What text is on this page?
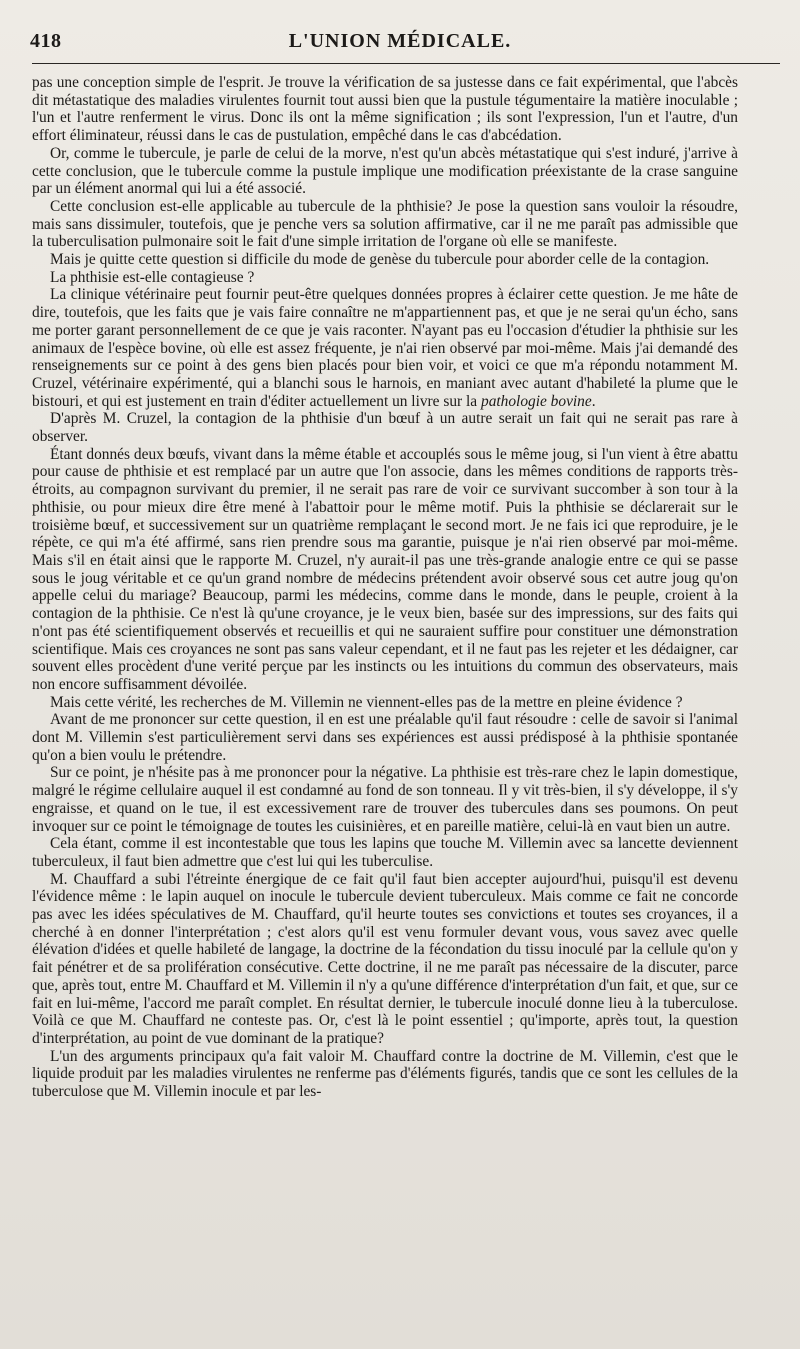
418	L'UNION MÉDICALE.

pas une conception simple de l'esprit. Je trouve la vérification de sa justesse dans ce fait expérimental, que l'abcès dit métastatique des maladies virulentes fournit tout aussi bien que la pustule tégumentaire la matière inoculable ; l'un et l'autre renferment le virus. Donc ils ont la même signification ; ils sont l'expression, l'un et l'autre, d'un effort éliminateur, réussi dans le cas de pustulation, empêché dans le cas d'abcédation.

Or, comme le tubercule, je parle de celui de la morve, n'est qu'un abcès métastatique qui s'est induré, j'arrive à cette conclusion, que le tubercule comme la pustule implique une modification préexistante de la crase sanguine par un élément anormal qui lui a été associé.

Cette conclusion est-elle applicable au tubercule de la phthisie? Je pose la question sans vouloir la résoudre, mais sans dissimuler, toutefois, que je penche vers sa solution affirmative, car il ne me paraît pas admissible que la tuberculisation pulmonaire soit le fait d'une simple irritation de l'organe où elle se manifeste.

Mais je quitte cette question si difficile du mode de genèse du tubercule pour aborder celle de la contagion.

La phthisie est-elle contagieuse ?

La clinique vétérinaire peut fournir peut-être quelques données propres à éclairer cette question. Je me hâte de dire, toutefois, que les faits que je vais faire connaître ne m'appartiennent pas, et que je ne serai qu'un écho, sans me porter garant personnellement de ce que je vais raconter. N'ayant pas eu l'occasion d'étudier la phthisie sur les animaux de l'espèce bovine, où elle est assez fréquente, je n'ai rien observé par moi-même. Mais j'ai demandé des renseignements sur ce point à des gens bien placés pour bien voir, et voici ce que m'a répondu notamment M. Cruzel, vétérinaire expérimenté, qui a blanchi sous le harnois, en maniant avec autant d'habileté la plume que le bistouri, et qui est justement en train d'éditer actuellement un livre sur la pathologie bovine.

D'après M. Cruzel, la contagion de la phthisie d'un bœuf à un autre serait un fait qui ne serait pas rare à observer.

Étant donnés deux bœufs, vivant dans la même étable et accouplés sous le même joug, si l'un vient à être abattu pour cause de phthisie et est remplacé par un autre que l'on associe, dans les mêmes conditions de rapports très-étroits, au compagnon survivant du premier, il ne serait pas rare de voir ce survivant succomber à son tour à la phthisie, ou pour mieux dire être mené à l'abattoir pour le même motif. Puis la phthisie se déclarerait sur le troisième bœuf, et successivement sur un quatrième remplaçant le second mort. Je ne fais ici que reproduire, je le répète, ce qui m'a été affirmé, sans rien prendre sous ma garantie, puisque je n'ai rien observé par moi-même. Mais s'il en était ainsi que le rapporte M. Cruzel, n'y aurait-il pas une très-grande analogie entre ce qui se passe sous le joug véritable et ce qu'un grand nombre de médecins prétendent avoir observé sous cet autre joug qu'on appelle celui du mariage? Beaucoup, parmi les médecins, comme dans le monde, dans le peuple, croient à la contagion de la phthisie. Ce n'est là qu'une croyance, je le veux bien, basée sur des impressions, sur des faits qui n'ont pas été scientifiquement observés et recueillis et qui ne sauraient suffire pour constituer une démonstration scientifique. Mais ces croyances ne sont pas sans valeur cependant, et il ne faut pas les rejeter et les dédaigner, car souvent elles procèdent d'une verité perçue par les instincts ou les intuitions du commun des observateurs, mais non encore suffisamment dévoilée.

Mais cette vérité, les recherches de M. Villemin ne viennent-elles pas de la mettre en pleine évidence ?

Avant de me prononcer sur cette question, il en est une préalable qu'il faut résoudre : celle de savoir si l'animal dont M. Villemin s'est particulièrement servi dans ses expériences est aussi prédisposé à la phthisie spontanée qu'on a bien voulu le prétendre.

Sur ce point, je n'hésite pas à me prononcer pour la négative. La phthisie est très-rare chez le lapin domestique, malgré le régime cellulaire auquel il est condamné au fond de son tonneau. Il y vit très-bien, il s'y développe, il s'y engraisse, et quand on le tue, il est excessivement rare de trouver des tubercules dans ses poumons. On peut invoquer sur ce point le témoignage de toutes les cuisinières, et en pareille matière, celui-là en vaut bien un autre.

Cela étant, comme il est incontestable que tous les lapins que touche M. Villemin avec sa lancette deviennent tuberculeux, il faut bien admettre que c'est lui qui les tuberculise.

M. Chauffard a subi l'étreinte énergique de ce fait qu'il faut bien accepter aujourd'hui, puisqu'il est devenu l'évidence même : le lapin auquel on inocule le tubercule devient tuberculeux. Mais comme ce fait ne concorde pas avec les idées spéculatives de M. Chauffard, qu'il heurte toutes ses convictions et toutes ses croyances, il a cherché à en donner l'interprétation ; c'est alors qu'il est venu formuler devant vous, vous savez avec quelle élévation d'idées et quelle habileté de langage, la doctrine de la fécondation du tissu inoculé par la cellule qu'on y fait pénétrer et de sa prolifération consécutive. Cette doctrine, il ne me paraît pas nécessaire de la discuter, parce que, après tout, entre M. Chauffard et M. Villemin il n'y a qu'une différence d'interprétation d'un fait, et que, sur ce fait en lui-même, l'accord me paraît complet. En résultat dernier, le tubercule inoculé donne lieu à la tuberculose. Voilà ce que M. Chauffard ne conteste pas. Or, c'est là le point essentiel ; qu'importe, après tout, la question d'interprétation, au point de vue dominant de la pratique?

L'un des arguments principaux qu'a fait valoir M. Chauffard contre la doctrine de M. Villemin, c'est que le liquide produit par les maladies virulentes ne renferme pas d'éléments figurés, tandis que ce sont les cellules de la tuberculose que M. Villemin inocule et par les-
